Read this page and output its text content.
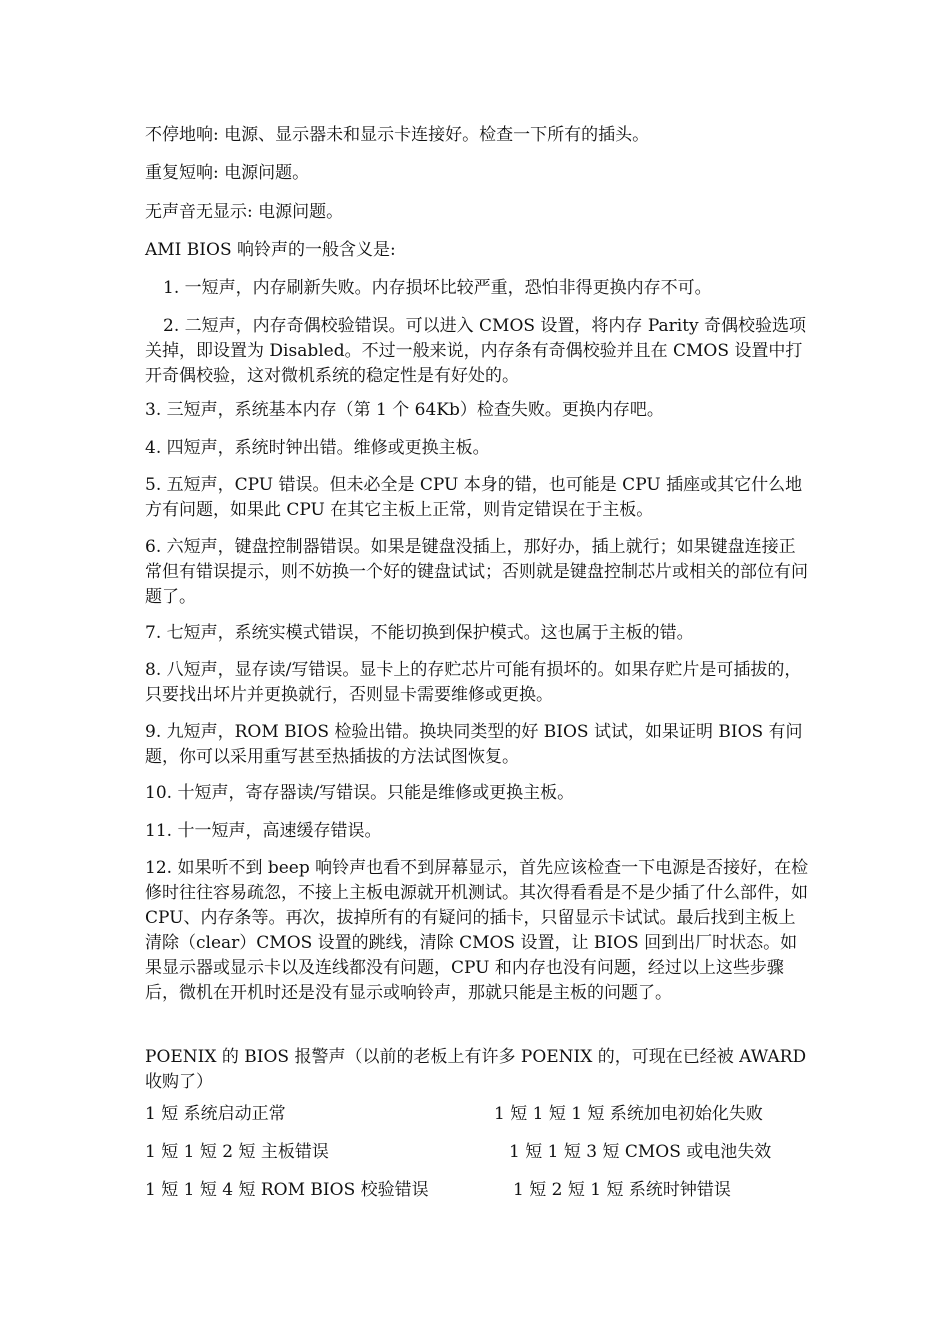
不停地响: 电源、显示器未和显示卡连接好。检查一下所有的插头。

重复短响: 电源问题。

无声音无显示: 电源问题。

AMI BIOS 响铃声的一般含义是:

1. 一短声，内存刷新失败。内存损坏比较严重，恐怕非得更换内存不可。

2. 二短声，内存奇偶校验错误。可以进入 CMOS 设置，将内存 Parity 奇偶校验选项关掉，即设置为 Disabled。不过一般来说，内存条有奇偶校验并且在 CMOS 设置中打开奇偶校验，这对微机系统的稳定性是有好处的。

3. 三短声，系统基本内存（第 1 个 64Kb）检查失败。更换内存吧。

4. 四短声，系统时钟出错。维修或更换主板。

5. 五短声，CPU 错误。但未必全是 CPU 本身的错，也可能是 CPU 插座或其它什么地方有问题，如果此 CPU 在其它主板上正常，则肯定错误在于主板。

6. 六短声，键盘控制器错误。如果是键盘没插上，那好办，插上就行；如果键盘连接正常但有错误提示，则不妨换一个好的键盘试试；否则就是键盘控制芯片或相关的部位有问题了。

7. 七短声，系统实模式错误，不能切换到保护模式。这也属于主板的错。

8. 八短声，显存读/写错误。显卡上的存贮芯片可能有损坏的。如果存贮片是可插拔的，只要找出坏片并更换就行，否则显卡需要维修或更换。

9. 九短声，ROM BIOS 检验出错。换块同类型的好 BIOS 试试，如果证明 BIOS 有问题，你可以采用重写甚至热插拔的方法试图恢复。

10. 十短声，寄存器读/写错误。只能是维修或更换主板。

11. 十一短声，高速缓存错误。

12. 如果听不到 beep 响铃声也看不到屏幕显示，首先应该检查一下电源是否接好，在检修时往往容易疏忽，不接上主板电源就开机测试。其次得看看是不是少插了什么部件，如 CPU、内存条等。再次，拔掉所有的有疑问的插卡，只留显示卡试试。最后找到主板上清除（clear）CMOS 设置的跳线，清除 CMOS 设置，让 BIOS 回到出厂时状态。如果显示器或显示卡以及连线都没有问题，CPU 和内存也没有问题，经过以上这些步骤后，微机在开机时还是没有显示或响铃声，那就只能是主板的问题了。

POENIX 的 BIOS 报警声（以前的老板上有许多 POENIX 的，可现在已经被 AWARD 收购了）

1 短 系统启动正常	1 短 1 短 1 短 系统加电初始化失败
1 短 1 短 2 短 主板错误	1 短 1 短 3 短 CMOS 或电池失效
1 短 1 短 4 短 ROM BIOS 校验错误	1 短 2 短 1 短 系统时钟错误
